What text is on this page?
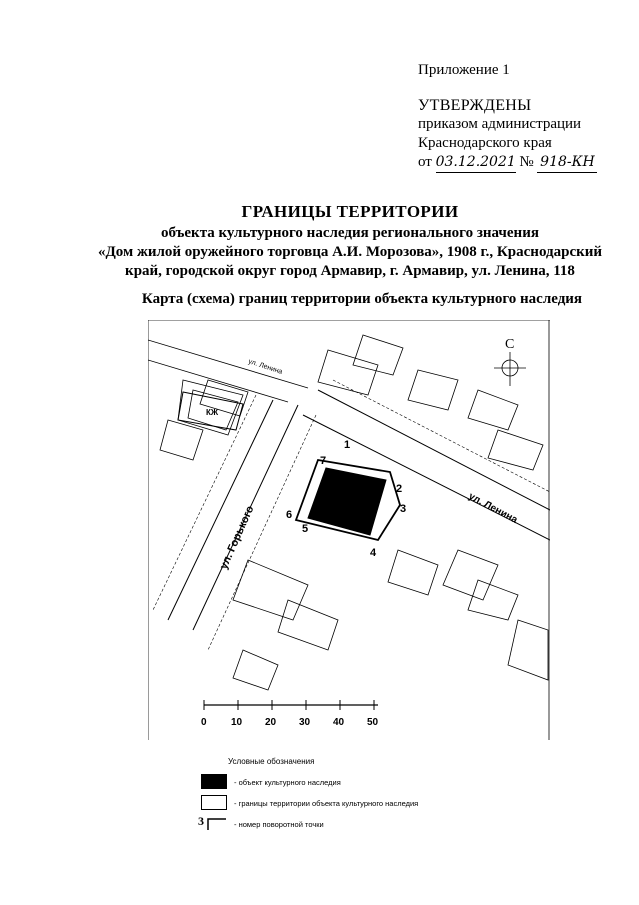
Приложение 1
УТВЕРЖДЕНЫ
приказом администрации
Краснодарского края
от 03.12.2021 № 918-КН
ГРАНИЦЫ ТЕРРИТОРИИ
объекта культурного наследия регионального значения
«Дом жилой оружейного торговца А.И. Морозова», 1908 г., Краснодарский
край, городской округ город Армавир, г. Армавир, ул. Ленина, 118
Карта (схема) границ территории объекта культурного наследия
ул. Горького	ул. Ленина
ул. Ленина
КЖ
1
2
3
4
5
6
7
С
0 10 20 30 40 50
Условные обозначения
- объект культурного наследия
- границы территории объекта культурного наследия
3	- номер поворотной точки
